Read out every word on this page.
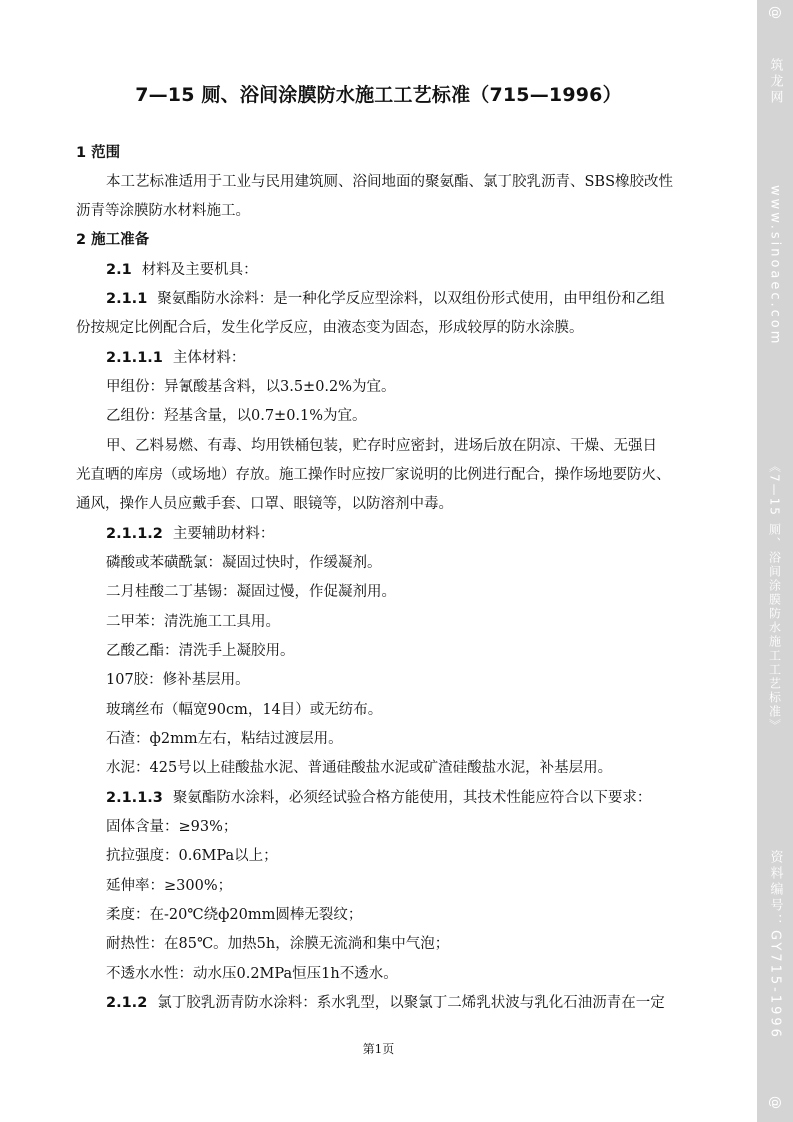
7—15 厕、浴间涂膜防水施工工艺标准（715—1996）
1 范围
本工艺标准适用于工业与民用建筑厕、浴间地面的聚氨酯、氯丁胶乳沥青、SBS橡胶改性
沥青等涂膜防水材料施工。
2 施工准备
2.1 材料及主要机具：
2.1.1 聚氨酯防水涂料：是一种化学反应型涂料，以双组份形式使用，由甲组份和乙组
份按规定比例配合后，发生化学反应，由液态变为固态，形成较厚的防水涂膜。
2.1.1.1 主体材料：
甲组份：异氰酸基含料，以3.5±0.2%为宜。
乙组份：羟基含量，以0.7±0.1%为宜。
甲、乙料易燃、有毒、均用铁桶包装，贮存时应密封，进场后放在阴凉、干燥、无强日
光直晒的库房（或场地）存放。施工操作时应按厂家说明的比例进行配合，操作场地要防火、
通风，操作人员应戴手套、口罩、眼镜等，以防溶剂中毒。
2.1.1.2 主要辅助材料：
磷酸或苯磺酰氯：凝固过快时，作缓凝剂。
二月桂酸二丁基锡：凝固过慢，作促凝剂用。
二甲苯：清洗施工工具用。
乙酸乙酯：清洗手上凝胶用。
107胶：修补基层用。
玻璃丝布（幅宽90cm，14目）或无纺布。
石渣：ф2mm左右，粘结过渡层用。
水泥：425号以上硅酸盐水泥、普通硅酸盐水泥或矿渣硅酸盐水泥，补基层用。
2.1.1.3 聚氨酯防水涂料，必须经试验合格方能使用，其技术性能应符合以下要求：
固体含量：≥93%；
抗拉强度：0.6MPa以上；
延伸率：≥300%；
柔度：在-20℃绕ф20mm圆棒无裂纹；
耐热性：在85℃。加热5h，涂膜无流淌和集中气泡；
不透水水性：动水压0.2MPa恒压1h不透水。
2.1.2 氯丁胶乳沥青防水涂料：系水乳型，以聚氯丁二烯乳状波与乳化石油沥青在一定
第1页
@
筑龙网
www.sinoaec.com
《7—15 厕、浴间涂膜防水施工工艺标准》
资料编号：GY715-1996
@
